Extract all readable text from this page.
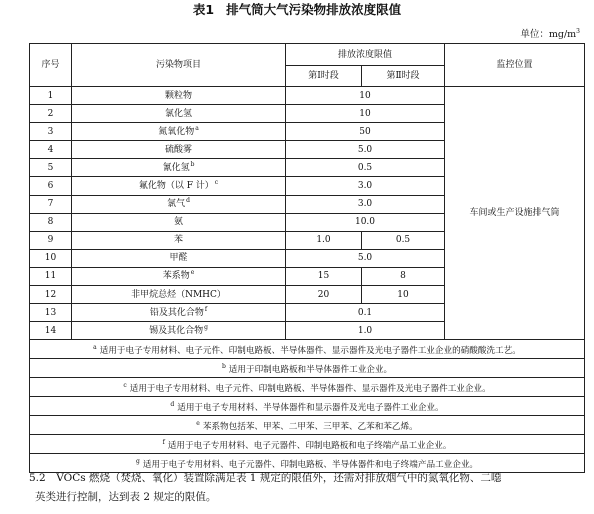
表1 排气筒大气污染物排放浓度限值
单位：$mg/m^3$
序号	污染物项目	排放浓度限值		监控位置
		第Ⅰ时段	第Ⅱ时段	
1	颗粒物	10		车间或生产设施排气筒
2	氯化氢	10		
3	氮氧化物$^a$	50		
4	硫酸雾	5.0		
5	氰化氢$^b$	0.5		
6	氟化物（以 F 计）$^c$	3.0		
7	氯气$^d$	3.0		
8	氨	10.0		
9	苯	1.0	0.5	
10	甲醛	5.0		
11	苯系物$^e$	15	8	
12	非甲烷总烃（NMHC）	20	10	
13	铅及其化合物$^f$	0.1		
14	锡及其化合物$^g$	1.0		
$^a$ 适用于电子专用材料、电子元件、印制电路板、半导体器件、显示器件及光电子器件工业企业的硝酸酸洗工艺。				
$^b$ 适用于印制电路板和半导体器件工业企业。				
$^c$ 适用于电子专用材料、电子元件、印制电路板、半导体器件、显示器件及光电子器件工业企业。				
$^d$ 适用于电子专用材料、半导体器件和显示器件及光电子器件工业企业。				
$^e$ 苯系物包括苯、甲苯、二甲苯、三甲苯、乙苯和苯乙烯。				
$^f$ 适用于电子专用材料、电子元器件、印制电路板和电子终端产品工业企业。				
$^g$ 适用于电子专用材料、电子元器件、印制电路板、半导体器件和电子终端产品工业企业。				
5.2　VOCs 燃烧（焚烧、氧化）装置除满足表 1 规定的限值外，还需对排放烟气中的氮氧化物、二噁
英类进行控制，达到表 2 规定的限值。
